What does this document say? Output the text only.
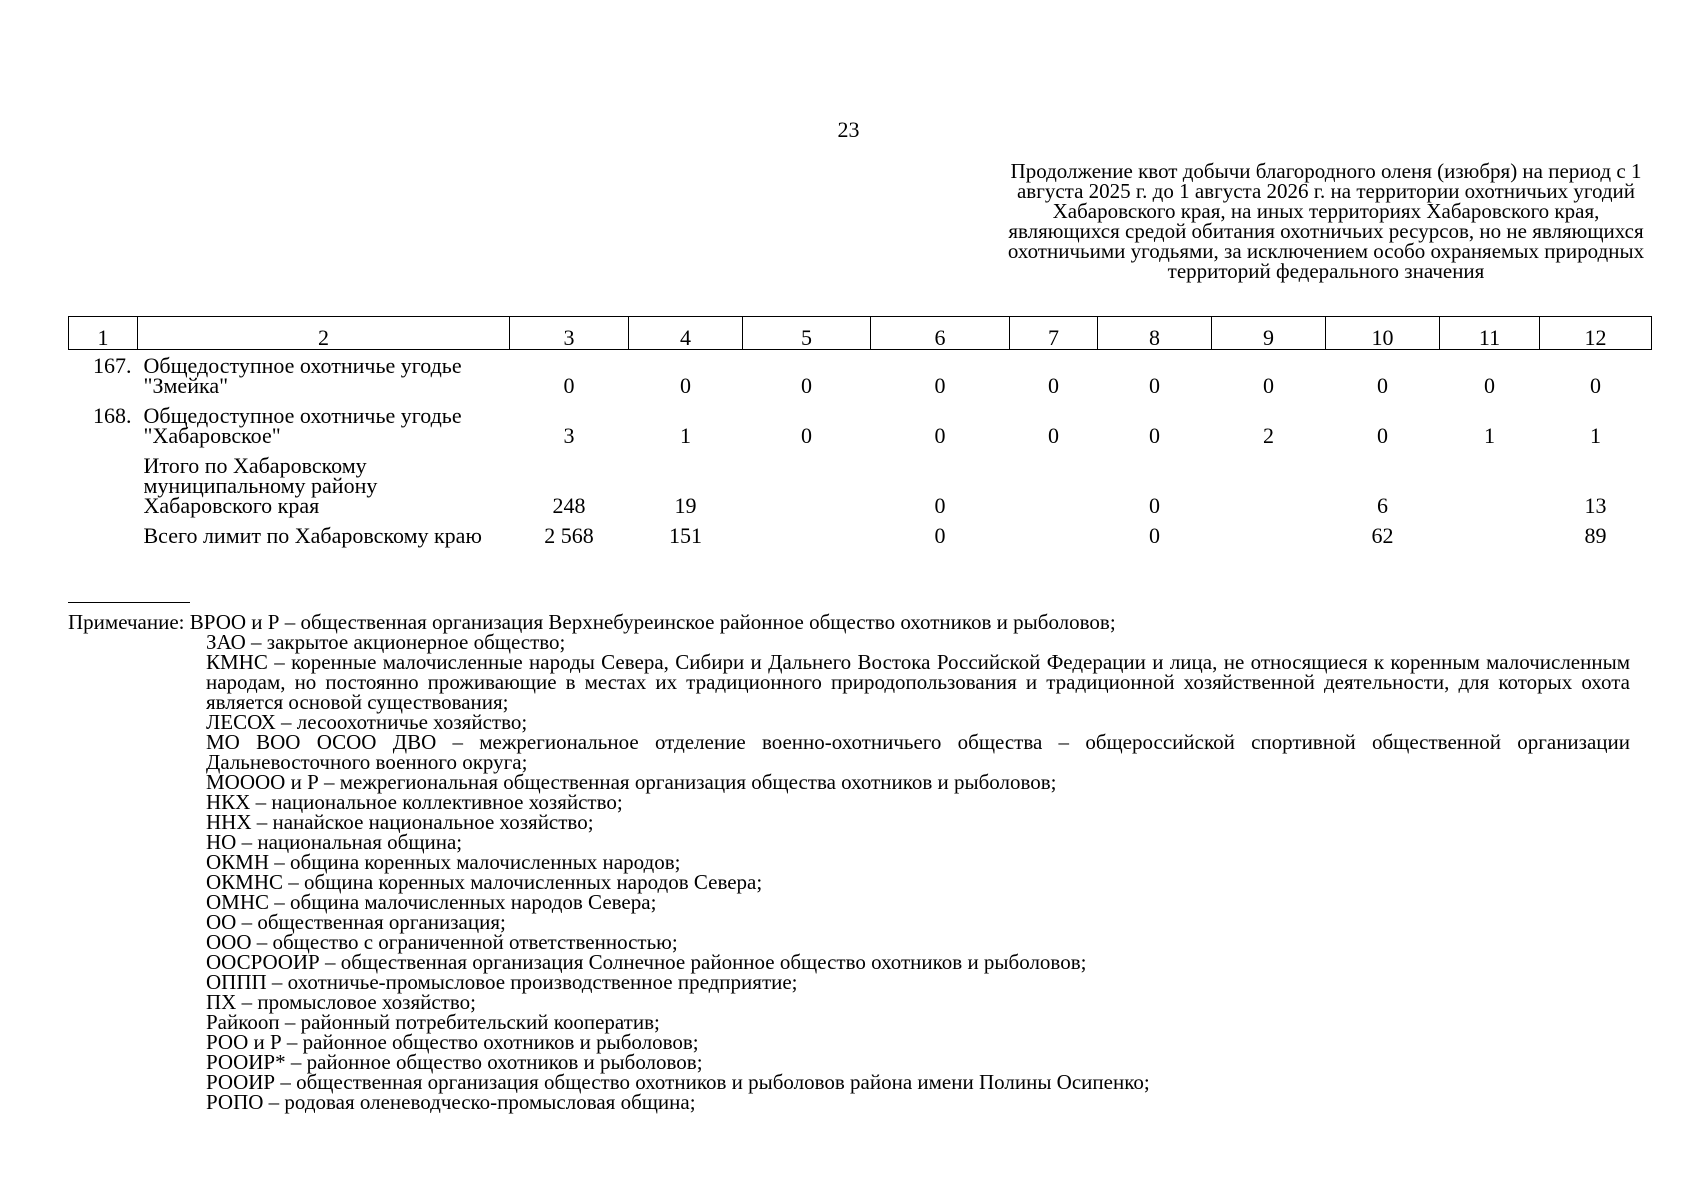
23
Продолжение квот добычи благородного оленя (изюбря) на период с 1 августа 2025 г. до 1 августа 2026 г. на территории охотничьих угодий Хабаровского края, на иных территориях Хабаровского края, являющихся средой обитания охотничьих ресурсов, но не являющихся охотничьими угодьями, за исключением особо охраняемых природных территорий федерального значения
1	2	3	4	5	6	7	8	9	10	11	12
167.	Общедоступное охотничье угодье "Змейка"	0	0	0	0	0	0	0	0	0	0
168.	Общедоступное охотничье угодье "Хабаровское"	3	1	0	0	0	0	2	0	1	1
	Итого по Хабаровскому муниципальному району Хабаровского края	248	19		0		0		6		13
	Всего лимит по Хабаровскому краю	2 568	151		0		0		62		89
Примечание: ВРОО и Р – общественная организация Верхнебуреинское районное общество охотников и рыболовов;
ЗАО – закрытое акционерное общество;
КМНС – коренные малочисленные народы Севера, Сибири и Дальнего Востока Российской Федерации и лица, не относящиеся к коренным малочисленным народам, но постоянно проживающие в местах их традиционного природопользования и традиционной хозяйственной деятельности, для которых охота является основой существования;
ЛЕСОХ – лесоохотничье хозяйство;
МО ВОО ОСОО ДВО – межрегиональное отделение военно-охотничьего общества – общероссийской спортивной общественной организации Дальневосточного военного округа;
МОООО и Р – межрегиональная общественная организация общества охотников и рыболовов;
НКХ – национальное коллективное хозяйство;
ННХ – нанайское национальное хозяйство;
НО – национальная община;
ОКМН – община коренных малочисленных народов;
ОКМНС – община коренных малочисленных народов Севера;
ОМНС – община малочисленных народов Севера;
ОО – общественная организация;
ООО – общество с ограниченной ответственностью;
ООСРООИР – общественная организация Солнечное районное общество охотников и рыболовов;
ОППП – охотничье-промысловое производственное предприятие;
ПХ – промысловое хозяйство;
Райкооп – районный потребительский кооператив;
РОО и Р – районное общество охотников и рыболовов;
РООИР* – районное общество охотников и рыболовов;
РООИР – общественная организация общество охотников и рыболовов района имени Полины Осипенко;
РОПО – родовая оленеводческо-промысловая община;
